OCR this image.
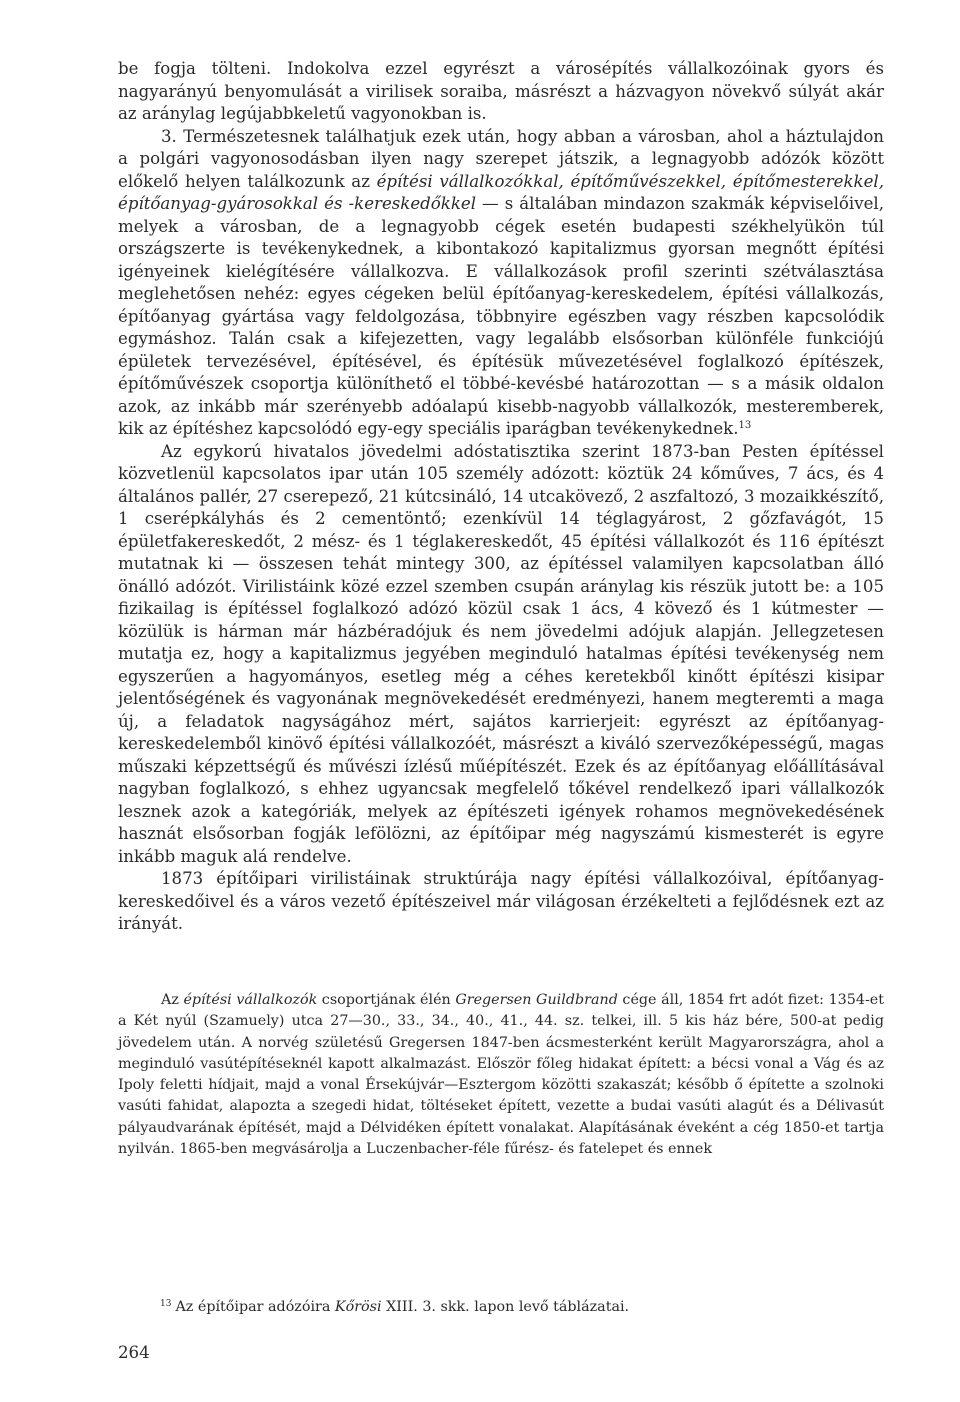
be fogja tölteni. Indokolva ezzel egyrészt a városépítés vállalkozóinak gyors és nagyarányú benyomulását a virilisek soraiba, másrészt a házvagyon növekvő súlyát akár az aránylag legújabbkeletű vagyonokban is.

3. Természetesnek találhatjuk ezek után, hogy abban a városban, ahol a háztulajdon a polgári vagyonosodásban ilyen nagy szerepet játszik, a legnagyobb adózók között előkelő helyen találkozunk az építési vállalkozókkal, építőművészekkel, építőmesterekkel, építőanyag-gyárosokkal és -kereskedőkkel — s általában mindazon szakmák képviselőivel, melyek a városban, de a legnagyobb cégek esetén budapesti székhelyükön túl országszerte is tevékenykednek, a kibontakozó kapitalizmus gyorsan megnőtt építési igényeinek kielégítésére vállalkozva. E vállalkozások profil szerinti szétválasztása meglehetősen nehéz: egyes cégeken belül építőanyag-kereskedelem, építési vállalkozás, építőanyag gyártása vagy feldolgozása, többnyire egészben vagy részben kapcsolódik egymáshoz. Talán csak a kifejezetten, vagy legalább elsősorban különféle funkciójú épületek tervezésével, építésével, és építésük művezetésével foglalkozó építészek, építőművészek csoportja különíthető el többé-kevésbé határozottan — s a másik oldalon azok, az inkább már szerényebb adóalapú kisebb-nagyobb vállalkozók, mesteremberek, kik az építéshez kapcsolódó egy-egy speciális iparágban tevékenykednek.$^{13}$

Az egykorú hivatalos jövedelmi adóstatisztika szerint 1873-ban Pesten építéssel közvetlenül kapcsolatos ipar után 105 személy adózott: köztük 24 kőműves, 7 ács, és 4 általános pallér, 27 cserepező, 21 kútcsináló, 14 utcakövező, 2 aszfaltozó, 3 mozaikkészítő, 1 cserépkályhás és 2 cementöntő; ezenkívül 14 téglagyárost, 2 gőzfavágót, 15 épületfakereskedőt, 2 mész- és 1 téglakereskedőt, 45 építési vállalkozót és 116 építészt mutatnak ki — összesen tehát mintegy 300, az építéssel valamilyen kapcsolatban álló önálló adózót. Virilistáink közé ezzel szemben csupán aránylag kis részük jutott be: a 105 fizikailag is építéssel foglalkozó adózó közül csak 1 ács, 4 kövező és 1 kútmester — közülük is hárman már házbéradójuk és nem jövedelmi adójuk alapján. Jellegzetesen mutatja ez, hogy a kapitalizmus jegyében meginduló hatalmas építési tevékenység nem egyszerűen a hagyományos, esetleg még a céhes keretekből kinőtt építészi kisipar jelentőségének és vagyonának megnövekedését eredményezi, hanem megteremti a maga új, a feladatok nagyságához mért, sajátos karrierjeit: egyrészt az építőanyag-kereskedelemből kinövő építési vállalkozóét, másrészt a kiváló szervezőképességű, magas műszaki képzettségű és művészi ízlésű műépítészét. Ezek és az építőanyag előállításával nagyban foglalkozó, s ehhez ugyancsak megfelelő tőkével rendelkező ipari vállalkozók lesznek azok a kategóriák, melyek az építészeti igények rohamos megnövekedésének hasznát elsősorban fogják lefölözni, az építőipar még nagyszámú kismesterét is egyre inkább maguk alá rendelve.

1873 építőipari virilistáinak struktúrája nagy építési vállalkozóival, építőanyag-kereskedőivel és a város vezető építészeivel már világosan érzékelteti a fejlődésnek ezt az irányát.

Az építési vállalkozók csoportjának élén Gregersen Guildbrand cége áll, 1854 frt adót fizet: 1354-et a Két nyúl (Szamuely) utca 27—30., 33., 34., 40., 41., 44. sz. telkei, ill. 5 kis ház bére, 500-at pedig jövedelem után. A norvég születésű Gregersen 1847-ben ácsmesterként került Magyarországra, ahol a meginduló vasútépítéseknél kapott alkalmazást. Először főleg hidakat épített: a bécsi vonal a Vág és az Ipoly feletti hídjait, majd a vonal Érsekújvár—Esztergom közötti szakaszát; később ő építette a szolnoki vasúti fahidat, alapozta a szegedi hidat, töltéseket épített, vezette a budai vasúti alagút és a Délivasút pályaudvarának építését, majd a Délvidéken épített vonalakat. Alapításának éveként a cég 1850-et tartja nyilván. 1865-ben megvásárolja a Luczenbacher-féle fűrész- és fatelepet és ennek

$^{13}$ Az építőipar adózóira Kőrösi XIII. 3. skk. lapon levő táblázatai.
264
